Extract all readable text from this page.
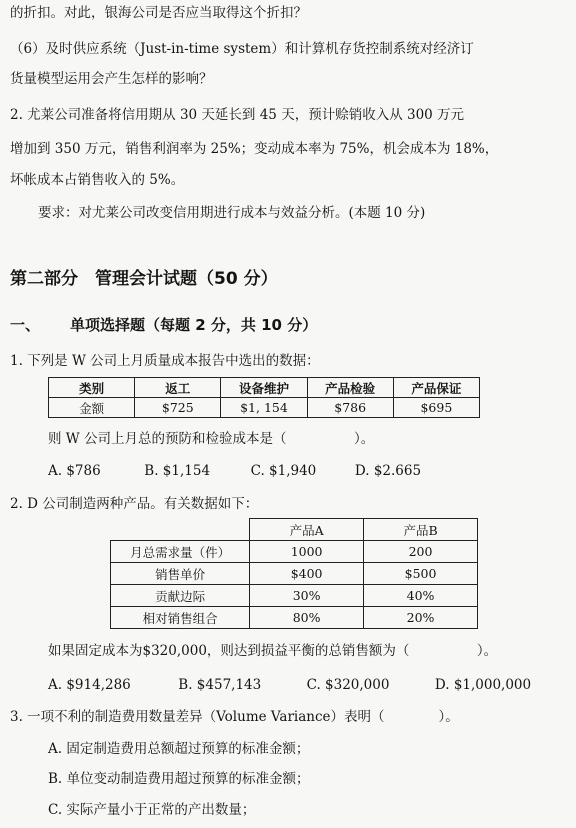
的折扣。对此，银海公司是否应当取得这个折扣？
（6）及时供应系统（Just-in-time system）和计算机存货控制系统对经济订
货量模型运用会产生怎样的影响？
2. 尤莱公司准备将信用期从 30 天延长到 45 天，预计赊销收入从 300 万元
增加到 350 万元，销售利润率为 25%；变动成本率为 75%，机会成本为 18%，
坏帐成本占销售收入的 5%。
要求：对尤莱公司改变信用期进行成本与效益分析。(本题 10 分)
第二部分　管理会计试题（50 分）
一、 单项选择题（每题 2 分，共 10 分）
1. 下列是 W 公司上月质量成本报告中选出的数据：
类别	返工	设备维护	产品检验	产品保证
金额	$725	$1, 154	$786	$695
则 W 公司上月总的预防和检验成本是（　　　　　）。
A. $786	B. $1,154	C. $1,940	D. $2.665
2. D 公司制造两种产品。有关数据如下：
	产品A	产品B
月总需求量（件）	1000	200
销售单价	$400	$500
贡献边际	30%	40%
相对销售组合	80%	20%
如果固定成本为$320,000，则达到损益平衡的总销售额为（　　　　　）。
A. $914,286	B. $457,143	C. $320,000	D. $1,000,000
3. 一项不利的制造费用数量差异（Volume Variance）表明（　　　　）。
A. 固定制造费用总额超过预算的标准金额；
B. 单位变动制造费用超过预算的标准金额；
C. 实际产量小于正常的产出数量；
